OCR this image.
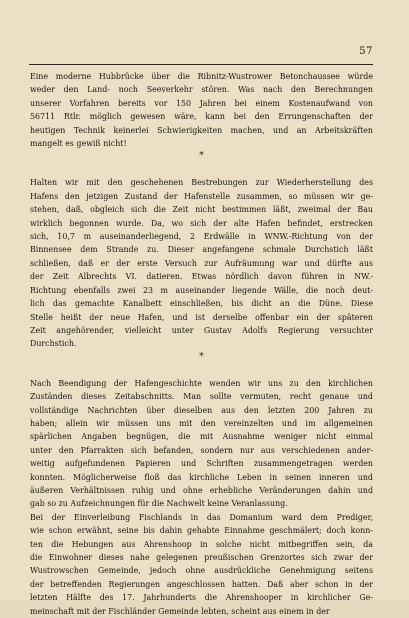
57
Eine moderne Hubbrücke über die Ribnitz-Wustrower Betonchaussee würde
weder den Land- noch Seeverkehr stören. Was nach den Berechnungen
unserer Vorfahren bereits vor 150 Jahren bei einem Kostenaufwand von
56711 Rtlr. möglich gewesen wäre, kann bei den Errungenschaften der
heutigen Technik keinerlei Schwierigkeiten machen, und an Arbeitskräften
mangelt es gewiß nicht!
*
Halten wir mit den geschehenen Bestrebungen zur Wiederherstellung des
Hafens den jetzigen Zustand der Hafenstelle zusammen, so müssen wir ge-
stehen, daß, obgleich sich die Zeit nicht bestimmen läßt, zweimal der Bau
wirklich begonnen wurde. Da, wo sich der alte Hafen befindet, erstrecken
sich, 10,7 m auseinanderliegend, 2 Erdwälle in WNW.-Richtung von der
Binnensee dem Strande zu. Dieser angefangene schmale Durchstich läßt
schließen, daß er der erste Versuch zur Aufräumung war und dürfte aus
der Zeit Albrechts VI. datieren. Etwas nördlich davon führen in NW.-
Richtung ebenfalls zwei 23 m auseinander liegende Wälle, die noch deut-
lich das gemachte Kanalbett einschließen, bis dicht an die Düne. Diese
Stelle heißt der neue Hafen, und ist derselbe offenbar ein der späteren
Zeit angehörender, vielleicht unter Gustav Adolfs Regierung versuchter
Durchstich.
*
Nach Beendigung der Hafengeschichte wenden wir uns zu den kirchlichen
Zuständen dieses Zeitabschnitts. Man sollte vermuten, recht genaue und
vollständige Nachrichten über dieselben aus den letzten 200 Jahren zu
haben; allein wir müssen uns mit den vereinzelten und im allgemeinen
spärlichen Angaben begnügen, die mit Ausnahme weniger nicht einmal
unter den Pfarrakten sich befanden, sondern nur aus verschiedenen ander-
weitig aufgefundenen Papieren und Schriften zusammengetragen werden
konnten. Möglicherweise floß das kirchliche Leben in seinen inneren und
äußeren Verhältnissen ruhig und ohne erhebliche Veränderungen dahin und
gab so zu Aufzeichnungen für die Nachwelt keine Veranlassung.
Bei der Einverleibung Fischlands in das Domanium ward dem Prediger,
wie schon erwähnt, seine bis dahin gehabte Einnahme geschmälert; doch konn-
ten die Hebungen aus Ahrenshoop in solche nicht mitbegriffen sein, da
die Einwohner dieses nahe gelegenen preußischen Grenzortes sich zwar der
Wustrowschen Gemeinde, jedoch ohne ausdrückliche Genehmigung seitens
der betreffenden Regierungen angeschlossen hatten. Daß aber schon in der
letzten Hälfte des 17. Jahrhunderts die Ahrenshooper in kirchlicher Ge-
meinschaft mit der Fischländer Gemeinde lebten, scheint aus einem in der
